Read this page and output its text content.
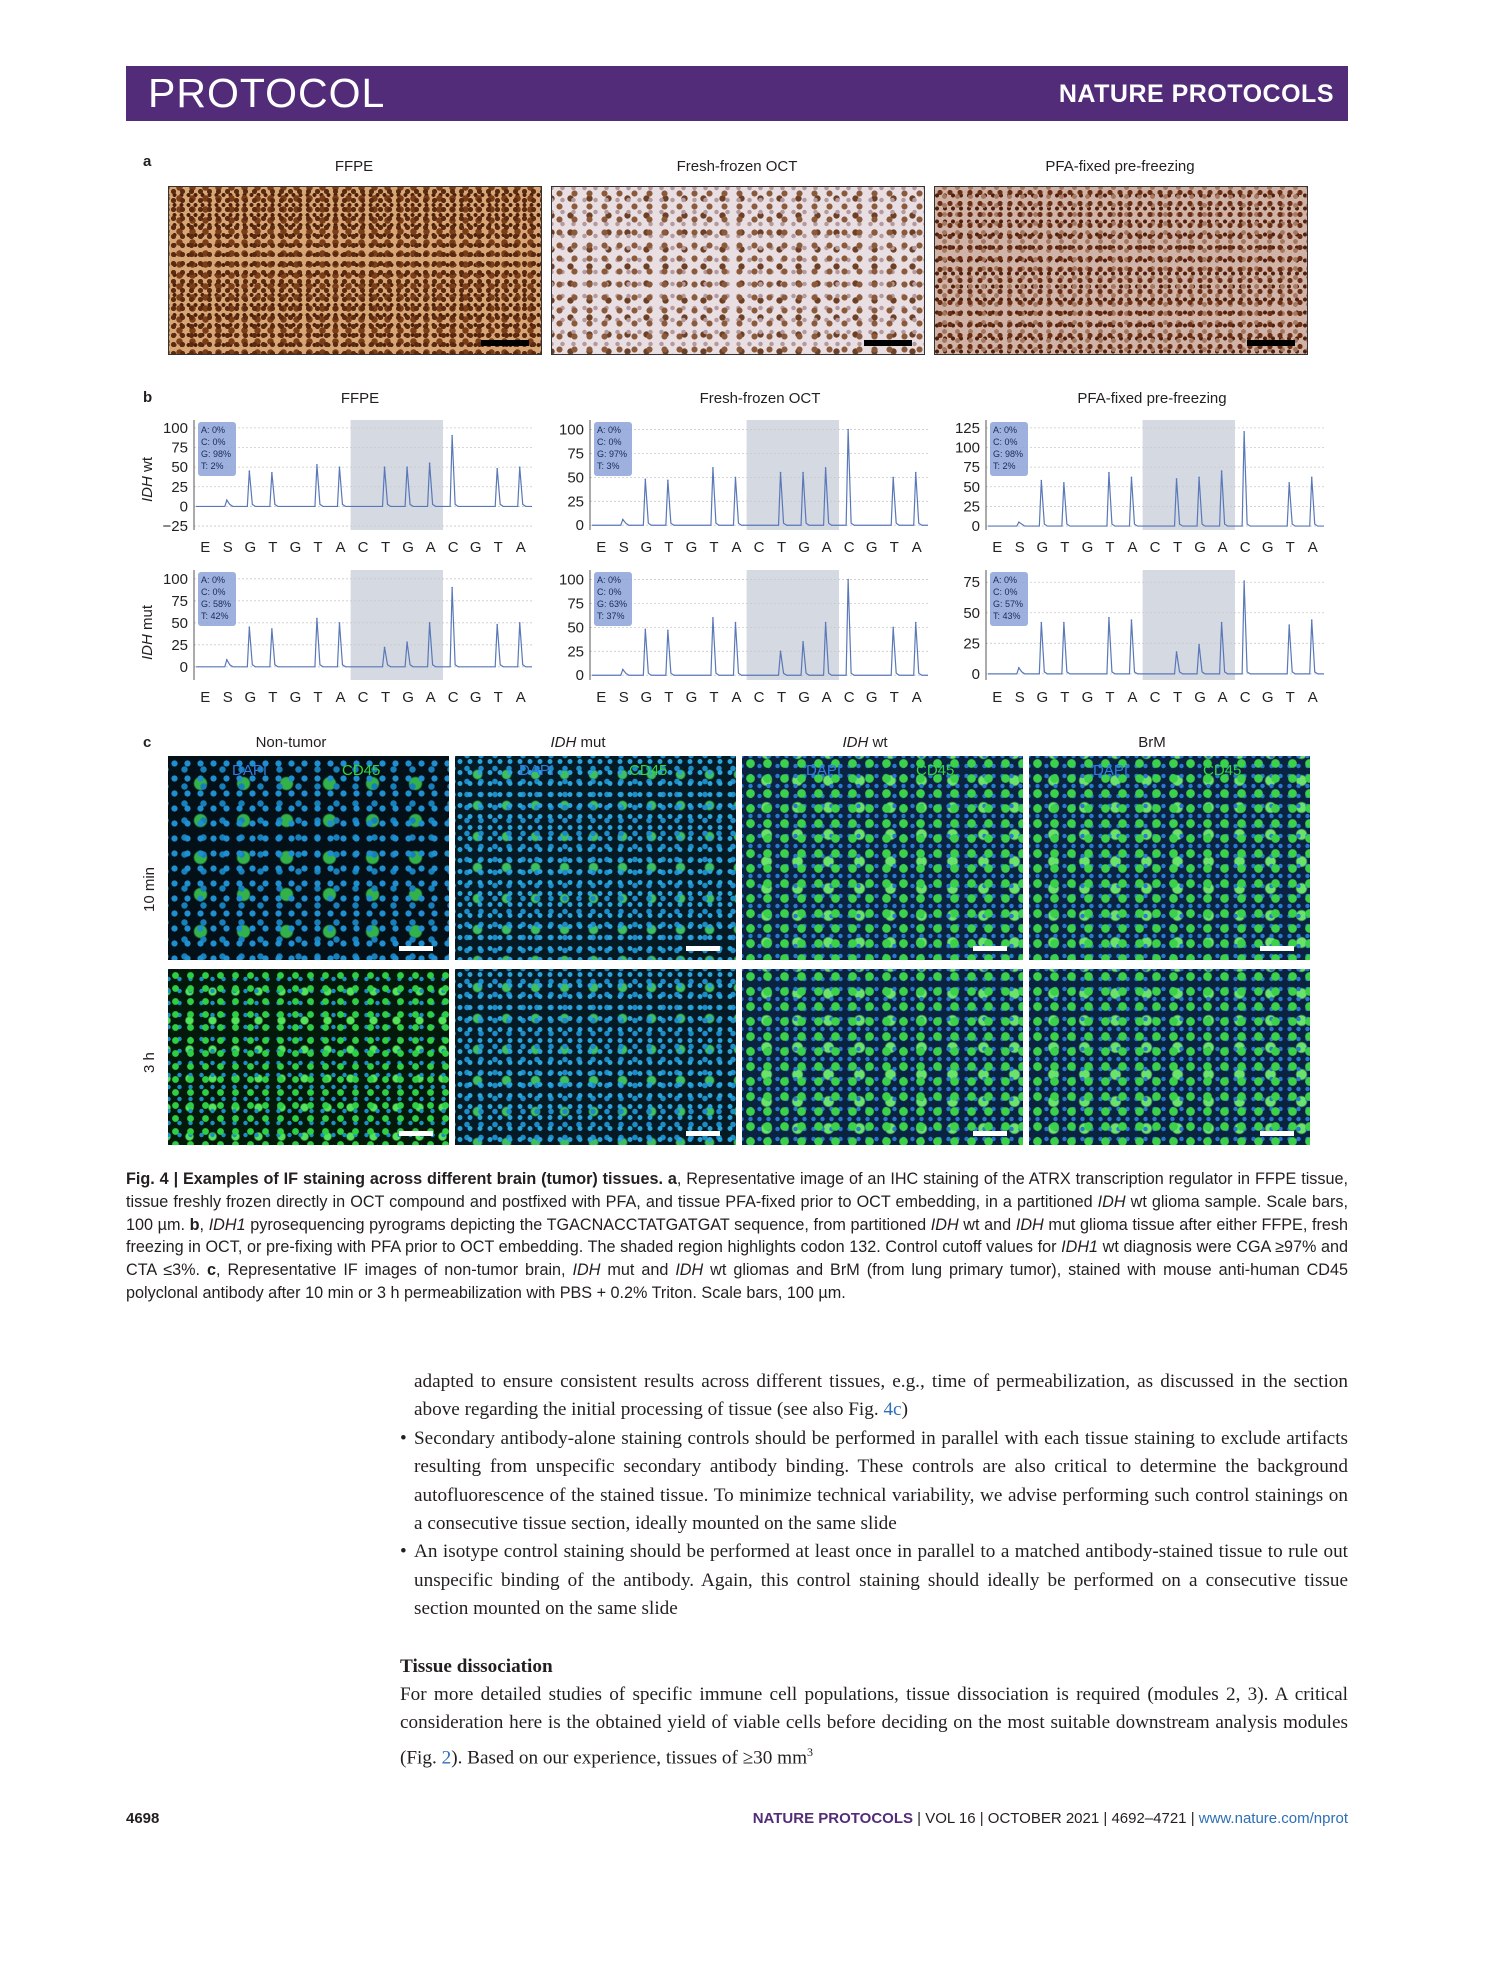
PROTOCOL	NATURE PROTOCOLS
a	FFPE	Fresh-frozen OCT	PFA-fixed pre-freezing
b	FFPE	Fresh-frozen OCT	PFA-fixed pre-freezing
IDH wt
IDH mut
100
75
50
25
0
−25
A: 0%
C: 0%
G: 98%
T: 2%
E S G T G T A C T G A C G T A
100
75
50
25
0
A: 0%
C: 0%
G: 97%
T: 3%
E S G T G T A C T G A C G T A
125
100
75
50
25
0
A: 0%
C: 0%
G: 98%
T: 2%
E S G T G T A C T G A C G T A
100
75
50
25
0
A: 0%
C: 0%
G: 58%
T: 42%
E S G T G T A C T G A C G T A
100
75
50
25
0
A: 0%
C: 0%
G: 63%
T: 37%
E S G T G T A C T G A C G T A
75
50
25
0
A: 0%
C: 0%
G: 57%
T: 43%
E S G T G T A C T G A C G T A
c	Non-tumor	IDH mut	IDH wt	BrM
10 min
3 h
DAPI	CD45	DAPI	CD45	DAPI	CD45	DAPI	CD45
Fig. 4 | Examples of IF staining across different brain (tumor) tissues. a, Representative image of an IHC staining of the ATRX transcription regulator in FFPE tissue, tissue freshly frozen directly in OCT compound and postfixed with PFA, and tissue PFA-fixed prior to OCT embedding, in a partitioned IDH wt glioma sample. Scale bars, 100 µm. b, IDH1 pyrosequencing pyrograms depicting the TGACNACCTATGATGAT sequence, from partitioned IDH wt and IDH mut glioma tissue after either FFPE, fresh freezing in OCT, or pre-fixing with PFA prior to OCT embedding. The shaded region highlights codon 132. Control cutoff values for IDH1 wt diagnosis were CGA ≥97% and CTA ≤3%. c, Representative IF images of non-tumor brain, IDH mut and IDH wt gliomas and BrM (from lung primary tumor), stained with mouse anti-human CD45 polyclonal antibody after 10 min or 3 h permeabilization with PBS + 0.2% Triton. Scale bars, 100 µm.

adapted to ensure consistent results across different tissues, e.g., time of permeabilization, as discussed in the section above regarding the initial processing of tissue (see also Fig. 4c)

• Secondary antibody-alone staining controls should be performed in parallel with each tissue staining to exclude artifacts resulting from unspecific secondary antibody binding. These controls are also critical to determine the background autofluorescence of the stained tissue. To minimize technical variability, we advise performing such control stainings on a consecutive tissue section, ideally mounted on the same slide

• An isotype control staining should be performed at least once in parallel to a matched antibody-stained tissue to rule out unspecific binding of the antibody. Again, this control staining should ideally be performed on a consecutive tissue section mounted on the same slide

Tissue dissociation

For more detailed studies of specific immune cell populations, tissue dissociation is required (modules 2, 3). A critical consideration here is the obtained yield of viable cells before deciding on the most suitable downstream analysis modules (Fig. 2). Based on our experience, tissues of ≥30 $mm^3$

4698	NATURE PROTOCOLS | VOL 16 | OCTOBER 2021 | 4692–4721 | www.nature.com/nprot
